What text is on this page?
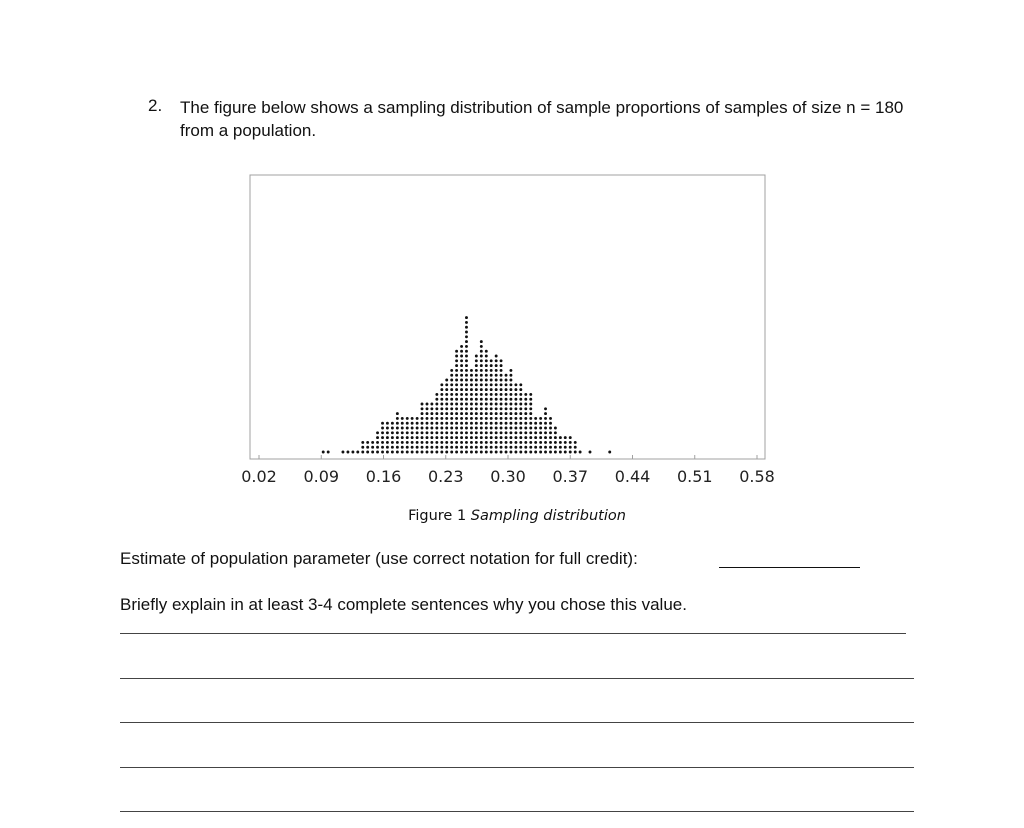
2. The figure below shows a sampling distribution of sample proportions of samples of size n = 180 from a population.
0.02 0.09 0.16 0.23 0.30 0.37 0.44 0.51 0.58
Figure 1 Sampling distribution
Estimate of population parameter (use correct notation for full credit):
Briefly explain in at least 3-4 complete sentences why you chose this value.
